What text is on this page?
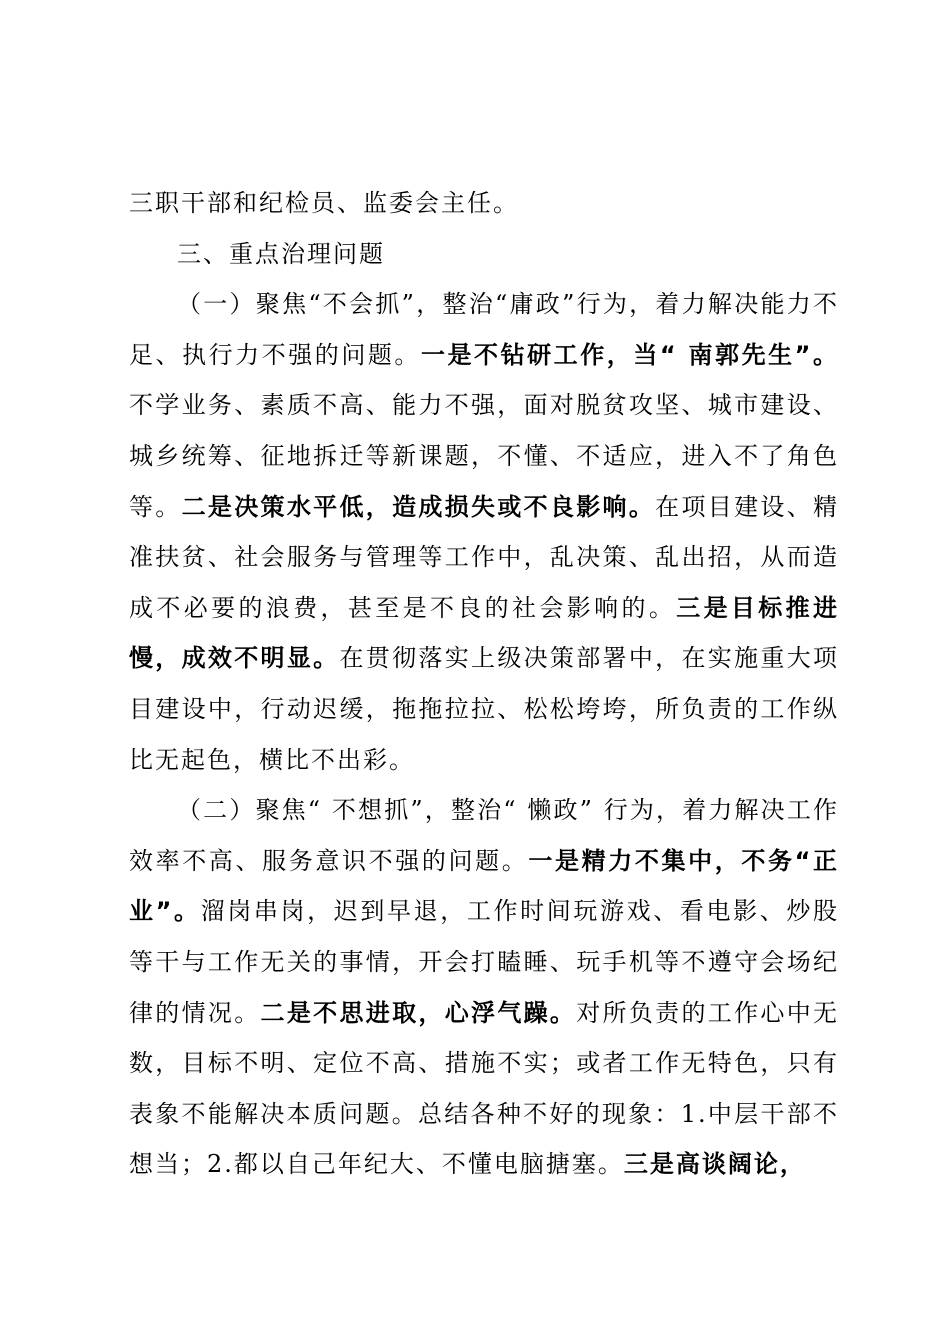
三职干部和纪检员、监委会主任。

三、重点治理问题

（一）聚焦“不会抓”，整治“庸政”行为，着力解决能力不足、执行力不强的问题。一是不钻研工作，当“ 南郭先生”。不学业务、素质不高、能力不强，面对脱贫攻坚、城市建设、城乡统筹、征地拆迁等新课题，不懂、不适应，进入不了角色等。二是决策水平低，造成损失或不良影响。在项目建设、精准扶贫、社会服务与管理等工作中，乱决策、乱出招，从而造成不必要的浪费，甚至是不良的社会影响的。三是目标推进慢，成效不明显。在贯彻落实上级决策部署中，在实施重大项目建设中，行动迟缓，拖拖拉拉、松松垮垮，所负责的工作纵比无起色，横比不出彩。

（二）聚焦“ 不想抓”，整治“ 懒政” 行为，着力解决工作效率不高、服务意识不强的问题。一是精力不集中，不务“正业”。溜岗串岗，迟到早退，工作时间玩游戏、看电影、炒股等干与工作无关的事情，开会打瞌睡、玩手机等不遵守会场纪律的情况。二是不思进取，心浮气躁。对所负责的工作心中无数，目标不明、定位不高、措施不实；或者工作无特色，只有表象不能解决本质问题。总结各种不好的现象：1.中层干部不想当；2.都以自己年纪大、不懂电脑搪塞。三是高谈阔论，
